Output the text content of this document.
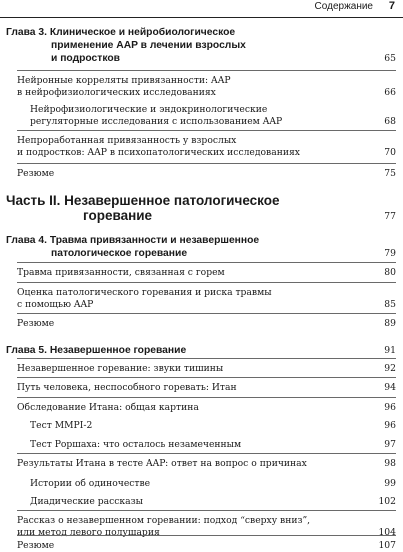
Содержание 7
Глава 3. Клиническое и нейробиологическое
применение AAP в лечении взрослых
и подростков	65
Нейронные корреляты привязанности: AAP
в нейрофизиологических исследованиях	66
Нейрофизиологические и эндокринологические
регуляторные исследования с использованием AAP	68
Непроработанная привязанность у взрослых
и подростков: AAP в психопатологических исследованиях	70
Резюме	75
Часть II. Незавершенное патологическое
горевание	77
Глава 4. Травма привязанности и незавершенное
патологическое горевание	79
Травма привязанности, связанная с горем	80
Оценка патологического горевания и риска травмы
с помощью AAP	85
Резюме	89
Глава 5. Незавершенное горевание	91
Незавершенное горевание: звуки тишины	92
Путь человека, неспособного горевать: Итан	94
Обследование Итана: общая картина	96
Тест MMPI-2	96
Тест Роршаха: что осталось незамеченным	97
Результаты Итана в тесте AAP: ответ на вопрос о причинах	98
Истории об одиночестве	99
Диадические рассказы	102
Рассказ о незавершенном горевании: подход “сверху вниз”,
или метод левого полушария	104
Резюме	107
